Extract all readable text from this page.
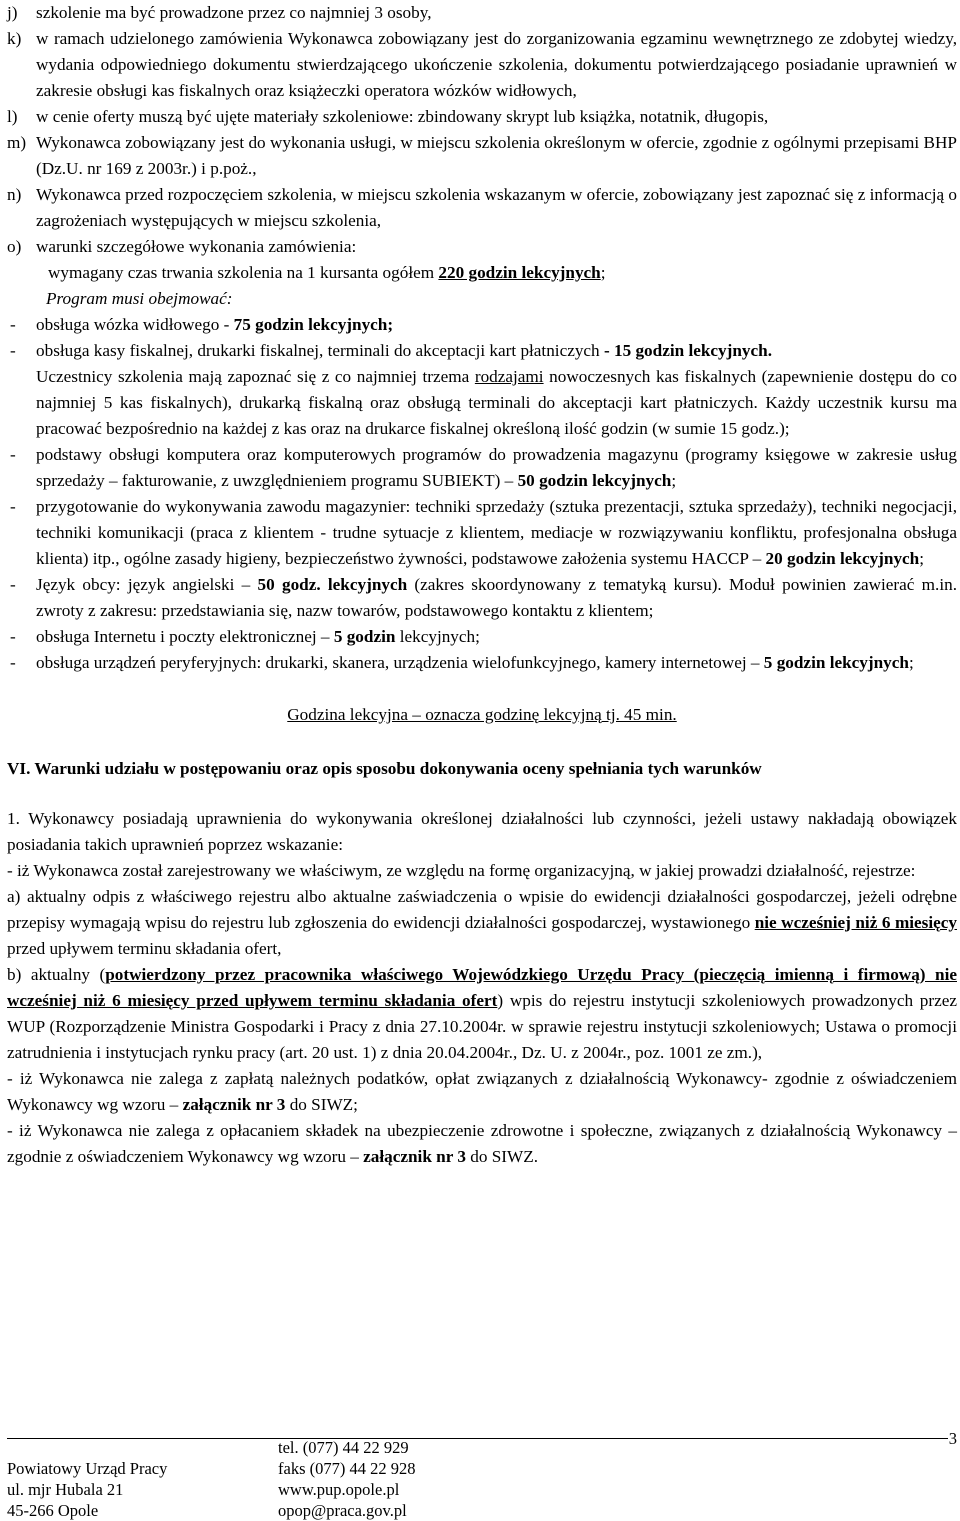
j) szkolenie ma być prowadzone przez co najmniej 3 osoby,
k) w ramach udzielonego zamówienia Wykonawca zobowiązany jest do zorganizowania egzaminu wewnętrznego ze zdobytej wiedzy, wydania odpowiedniego dokumentu stwierdzającego ukończenie szkolenia, dokumentu potwierdzającego posiadanie uprawnień w zakresie obsługi kas fiskalnych oraz książeczki operatora wózków widłowych,
l) w cenie oferty muszą być ujęte materiały szkoleniowe: zbindowany skrypt lub książka, notatnik, długopis,
m) Wykonawca zobowiązany jest do wykonania usługi, w miejscu szkolenia określonym w ofercie, zgodnie z ogólnymi przepisami BHP (Dz.U. nr 169 z 2003r.) i p.poż.,
n) Wykonawca przed rozpoczęciem szkolenia, w miejscu szkolenia wskazanym w ofercie, zobowiązany jest zapoznać się z informacją o zagrożeniach występujących w miejscu szkolenia,
o) warunki szczegółowe wykonania zamówienia:
wymagany czas trwania szkolenia na 1 kursanta ogółem 220 godzin lekcyjnych;
Program musi obejmować:
- obsługa wózka widłowego - 75 godzin lekcyjnych;
- obsługa kasy fiskalnej, drukarki fiskalnej, terminali do akceptacji kart płatniczych - 15 godzin lekcyjnych.
Uczestnicy szkolenia mają zapoznać się z co najmniej trzema rodzajami nowoczesnych kas fiskalnych (zapewnienie dostępu do co najmniej 5 kas fiskalnych), drukarką fiskalną oraz obsługą terminali do akceptacji kart płatniczych. Każdy uczestnik kursu ma pracować bezpośrednio na każdej z kas oraz na drukarce fiskalnej określoną ilość godzin (w sumie 15 godz.);
- podstawy obsługi komputera oraz komputerowych programów do prowadzenia magazynu (programy księgowe w zakresie usług sprzedaży – fakturowanie, z uwzględnieniem programu SUBIEKT) – 50 godzin lekcyjnych;
- przygotowanie do wykonywania zawodu magazynier: techniki sprzedaży (sztuka prezentacji, sztuka sprzedaży), techniki negocjacji, techniki komunikacji (praca z klientem - trudne sytuacje z klientem, mediacje w rozwiązywaniu konfliktu, profesjonalna obsługa klienta) itp., ogólne zasady higieny, bezpieczeństwo żywności, podstawowe założenia systemu HACCP – 20 godzin lekcyjnych;
- Język obcy: język angielski – 50 godz. lekcyjnych (zakres skoordynowany z tematyką kursu). Moduł powinien zawierać m.in. zwroty z zakresu: przedstawiania się, nazw towarów, podstawowego kontaktu z klientem;
- obsługa Internetu i poczty elektronicznej – 5 godzin lekcyjnych;
- obsługa urządzeń peryferyjnych: drukarki, skanera, urządzenia wielofunkcyjnego, kamery internetowej – 5 godzin lekcyjnych;
Godzina lekcyjna – oznacza godzinę lekcyjną tj. 45 min.
VI. Warunki udziału w postępowaniu oraz opis sposobu dokonywania oceny spełniania tych warunków
1. Wykonawcy posiadają uprawnienia do wykonywania określonej działalności lub czynności, jeżeli ustawy nakładają obowiązek posiadania takich uprawnień poprzez wskazanie:
- iż Wykonawca został zarejestrowany we właściwym, ze względu na formę organizacyjną, w jakiej prowadzi działalność, rejestrze:
a) aktualny odpis z właściwego rejestru albo aktualne zaświadczenia o wpisie do ewidencji działalności gospodarczej, jeżeli odrębne przepisy wymagają wpisu do rejestru lub zgłoszenia do ewidencji działalności gospodarczej, wystawionego nie wcześniej niż 6 miesięcy przed upływem terminu składania ofert,
b) aktualny (potwierdzony przez pracownika właściwego Wojewódzkiego Urzędu Pracy (pieczęcią imienną i firmową) nie wcześniej niż 6 miesięcy przed upływem terminu składania ofert) wpis do rejestru instytucji szkoleniowych prowadzonych przez WUP (Rozporządzenie Ministra Gospodarki i Pracy z dnia 27.10.2004r. w sprawie rejestru instytucji szkoleniowych; Ustawa o promocji zatrudnienia i instytucjach rynku pracy (art. 20 ust. 1) z dnia 20.04.2004r., Dz. U. z 2004r., poz. 1001 ze zm.),
- iż Wykonawca nie zalega z zapłatą należnych podatków, opłat związanych z działalnością Wykonawcy- zgodnie z oświadczeniem Wykonawcy wg wzoru – załącznik nr 3 do SIWZ;
- iż Wykonawca nie zalega z opłacaniem składek na ubezpieczenie zdrowotne i społeczne, związanych z działalnością Wykonawcy – zgodnie z oświadczeniem Wykonawcy wg wzoru – załącznik nr 3 do SIWZ.
3
Powiatowy Urząd Pracy
ul. mjr Hubala 21
45-266 Opole
tel. (077) 44 22 929
faks (077) 44 22 928
www.pup.opole.pl
opop@praca.gov.pl
